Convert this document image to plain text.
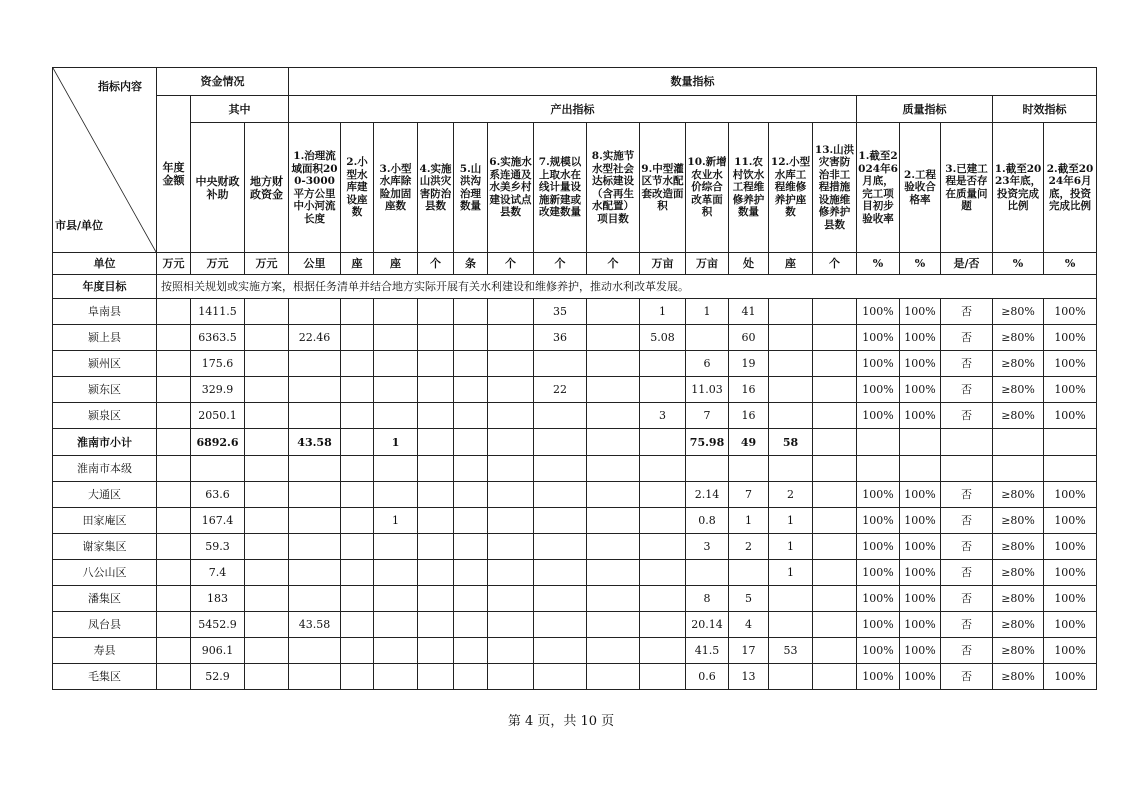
指标内容
市县/单位	资金情况			数量指标																	
	年度金额	其中		产出指标													质量指标			时效指标	
		中央财政补助	地方财政资金	1.治理流域面积200-3000平方公里中小河流长度	2.小型水库建设座数	3.小型水库除险加固座数	4.实施山洪灾害防治县数	5.山洪沟治理数量	6.实施水系连通及水美乡村建设试点县数	7.规模以上取水在线计量设施新建或改建数量	8.实施节水型社会达标建设（含再生水配置）项目数	9.中型灌区节水配套改造面积	10.新增农业水价综合改革面积	11.农村饮水工程维修养护数量	12.小型水库工程维修养护座数	13.山洪灾害防治非工程措施设施维修养护县数	1.截至2024年6月底，完工项目初步验收率	2.工程验收合格率	3.已建工程是否存在质量问题	1.截至2023年底，投资完成比例	2.截至2024年6月底，投资完成比例

单位	万元	万元	万元	公里	座	座	个	条	个	个	个	万亩	万亩	处	座	个	%	%	是/否	%	%
年度目标	按照相关规划或实施方案，根据任务清单并结合地方实际开展有关水利建设和维修养护，推动水利改革发展。																				
阜南县		1411.5								35		1	1	41			100%	100%	否	≥80%	100%
颍上县		6363.5		22.46						36		5.08		60			100%	100%	否	≥80%	100%
颍州区		175.6											6	19			100%	100%	否	≥80%	100%
颍东区		329.9								22			11.03	16			100%	100%	否	≥80%	100%
颍泉区		2050.1										3	7	16			100%	100%	否	≥80%	100%
淮南市小计		6892.6		43.58		1							75.98	49	58						
淮南市本级																					
大通区		63.6											2.14	7	2		100%	100%	否	≥80%	100%
田家庵区		167.4				1							0.8	1	1		100%	100%	否	≥80%	100%
谢家集区		59.3											3	2	1		100%	100%	否	≥80%	100%
八公山区		7.4													1		100%	100%	否	≥80%	100%
潘集区		183											8	5			100%	100%	否	≥80%	100%
凤台县		5452.9		43.58									20.14	4			100%	100%	否	≥80%	100%
寿县		906.1											41.5	17	53		100%	100%	否	≥80%	100%
毛集区		52.9											0.6	13			100%	100%	否	≥80%	100%
第 4 页，共 10 页
